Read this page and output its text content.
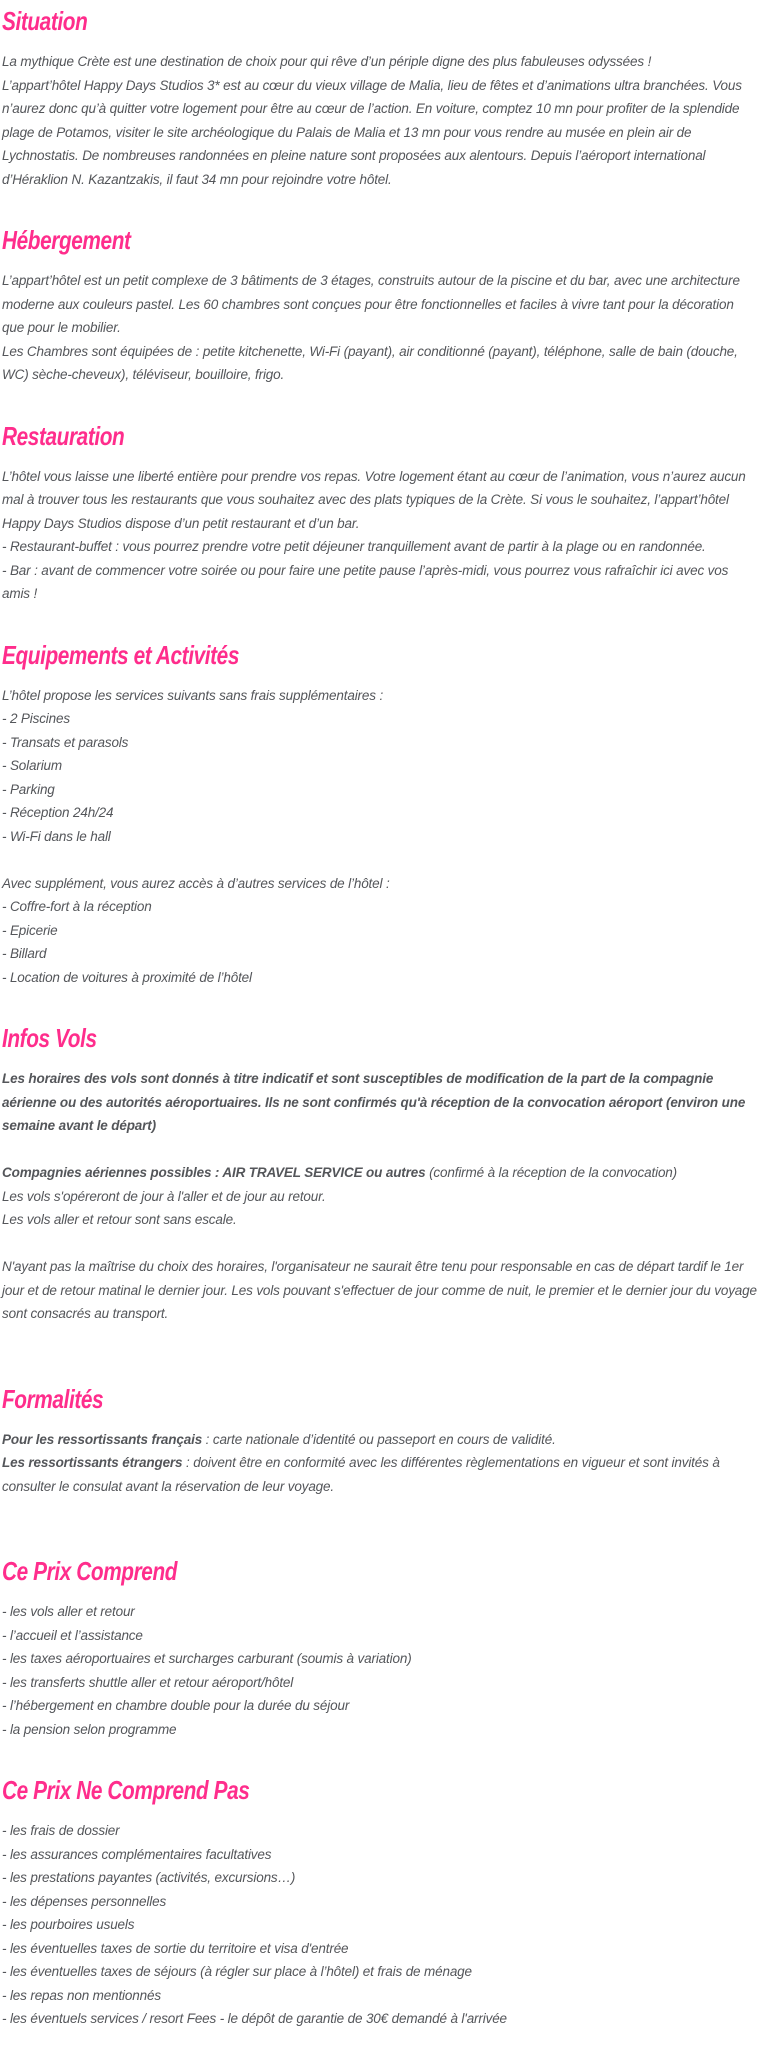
Situation

La mythique Crète est une destination de choix pour qui rêve d’un périple digne des plus fabuleuses odyssées !

L’appart’hôtel Happy Days Studios 3* est au cœur du vieux village de Malia, lieu de fêtes et d’animations ultra branchées. Vous n’aurez donc qu’à quitter votre logement pour être au cœur de l’action. En voiture, comptez 10 mn pour profiter de la splendide plage de Potamos, visiter le site archéologique du Palais de Malia et 13 mn pour vous rendre au musée en plein air de Lychnostatis. De nombreuses randonnées en pleine nature sont proposées aux alentours. Depuis l’aéroport international d’Héraklion N. Kazantzakis, il faut 34 mn pour rejoindre votre hôtel.

Hébergement

L’appart’hôtel est un petit complexe de 3 bâtiments de 3 étages, construits autour de la piscine et du bar, avec une architecture moderne aux couleurs pastel. Les 60 chambres sont conçues pour être fonctionnelles et faciles à vivre tant pour la décoration que pour le mobilier.

Les Chambres sont équipées de : petite kitchenette, Wi-Fi (payant), air conditionné (payant), téléphone, salle de bain (douche, WC) sèche-cheveux), téléviseur, bouilloire, frigo.

Restauration

L’hôtel vous laisse une liberté entière pour prendre vos repas. Votre logement étant au cœur de l’animation, vous n’aurez aucun mal à trouver tous les restaurants que vous souhaitez avec des plats typiques de la Crète. Si vous le souhaitez, l’appart’hôtel Happy Days Studios dispose d’un petit restaurant et d’un bar.

- Restaurant-buffet : vous pourrez prendre votre petit déjeuner tranquillement avant de partir à la plage ou en randonnée.

- Bar : avant de commencer votre soirée ou pour faire une petite pause l’après-midi, vous pourrez vous rafraîchir ici avec vos amis !

Equipements et Activités

L’hôtel propose les services suivants sans frais supplémentaires :

- 2 Piscines

- Transats et parasols

- Solarium

- Parking

- Réception 24h/24

- Wi-Fi dans le hall

Avec supplément, vous aurez accès à d’autres services de l’hôtel :

- Coffre-fort à la réception

- Epicerie

- Billard

- Location de voitures à proximité de l’hôtel

Infos Vols

Les horaires des vols sont donnés à titre indicatif et sont susceptibles de modification de la part de la compagnie aérienne ou des autorités aéroportuaires. Ils ne sont confirmés qu'à réception de la convocation aéroport (environ une semaine avant le départ)

Compagnies aériennes possibles : AIR TRAVEL SERVICE ou autres (confirmé à la réception de la convocation)

Les vols s'opéreront de jour à l'aller et de jour au retour.

Les vols aller et retour sont sans escale.

N'ayant pas la maîtrise du choix des horaires, l'organisateur ne saurait être tenu pour responsable en cas de départ tardif le 1er jour et de retour matinal le dernier jour. Les vols pouvant s'effectuer de jour comme de nuit, le premier et le dernier jour du voyage sont consacrés au transport.

Formalités

Pour les ressortissants français : carte nationale d’identité ou passeport en cours de validité.

Les ressortissants étrangers : doivent être en conformité avec les différentes règlementations en vigueur et sont invités à consulter le consulat avant la réservation de leur voyage.

Ce Prix Comprend

- les vols aller et retour

- l’accueil et l’assistance

- les taxes aéroportuaires et surcharges carburant (soumis à variation)

- les transferts shuttle aller et retour aéroport/hôtel

- l’hébergement en chambre double pour la durée du séjour

- la pension selon programme

Ce Prix Ne Comprend Pas

- les frais de dossier

- les assurances complémentaires facultatives

- les prestations payantes (activités, excursions…)

- les dépenses personnelles

- les pourboires usuels

- les éventuelles taxes de sortie du territoire et visa d'entrée

- les éventuelles taxes de séjours (à régler sur place à l’hôtel) et frais de ménage

- les repas non mentionnés

- les éventuels services / resort Fees - le dépôt de garantie de 30€ demandé à l'arrivée
